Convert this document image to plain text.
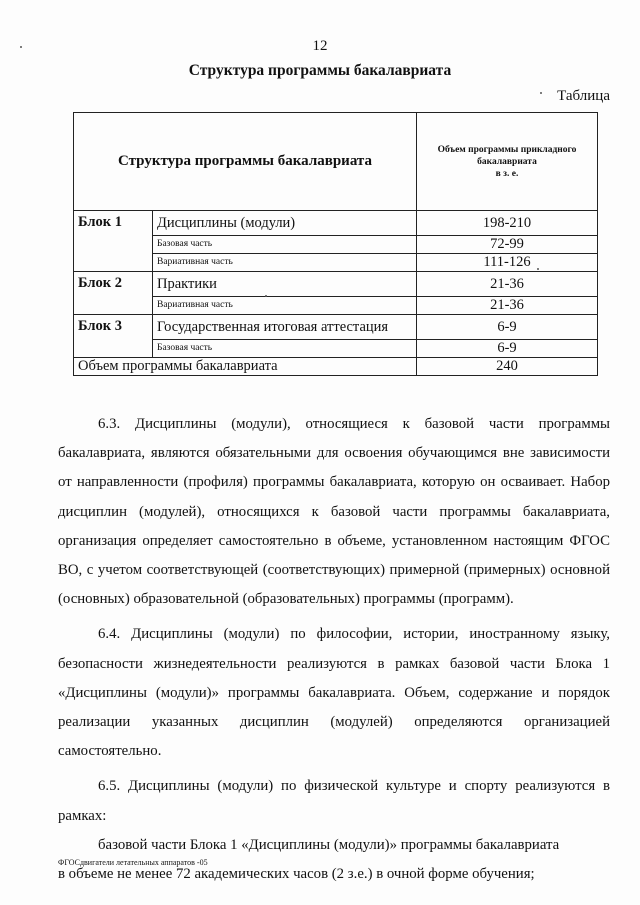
12
Структура программы бакалавриата
Таблица
Структура программы бакалавриата		Объем программы прикладного
бакалавриата
в з. е.

Блок 1	Дисциплины (модули)	198-210
	Базовая часть	72-99
	Вариативная часть	111-126
Блок 2	Практики	21-36
	Вариативная часть	21-36
Блок 3	Государственная итоговая аттестация	6-9
	Базовая часть	6-9
Объем программы бакалавриата		240

6.3. Дисциплины (модули), относящиеся к базовой части программы бакалавриата, являются обязательными для освоения обучающимся вне зависимости от направленности (профиля) программы бакалавриата, которую он осваивает. Набор дисциплин (модулей), относящихся к базовой части программы бакалавриата, организация определяет самостоятельно в объеме, установленном настоящим ФГОС ВО, с учетом соответствующей (соответствующих) примерной (примерных) основной (основных) образовательной (образовательных) программы (программ).

6.4. Дисциплины (модули) по философии, истории, иностранному языку, безопасности жизнедеятельности реализуются в рамках базовой части Блока 1 «Дисциплины (модули)» программы бакалавриата. Объем, содержание и порядок реализации указанных дисциплин (модулей) определяются организацией самостоятельно.

6.5. Дисциплины (модули) по физической культуре и спорту реализуются в рамках:

базовой части Блока 1 «Дисциплины (модули)» программы бакалавриата

в объеме не менее 72 академических часов (2 з.е.) в очной форме обучения;

ФГОСдвигатели летательных аппаратов -05
